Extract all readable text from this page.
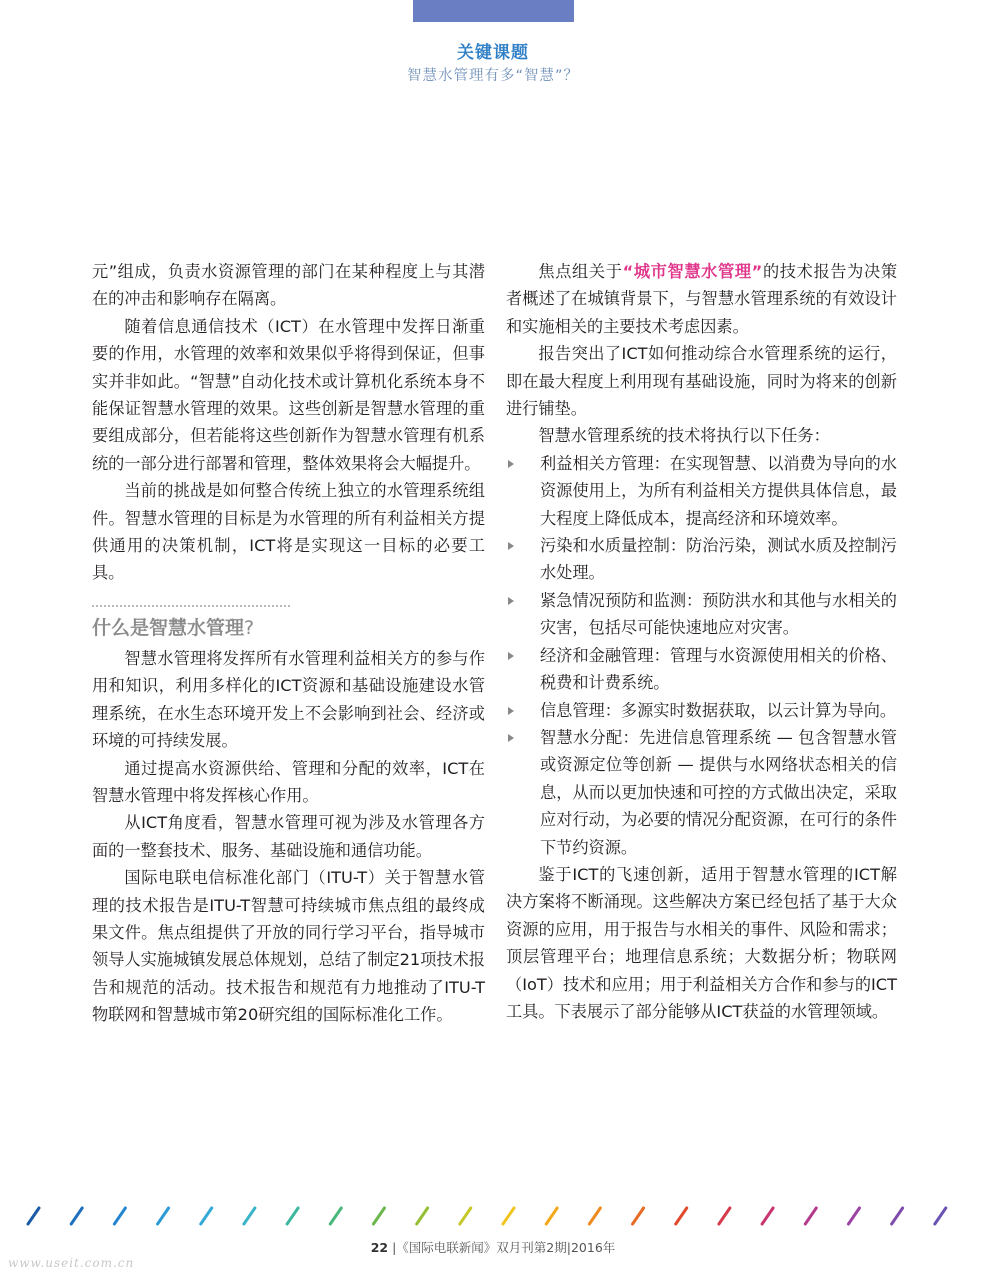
关键课题
智慧水管理有多“智慧”？

元”组成，负责水资源管理的部门在某种程度上与其潜在的冲击和影响存在隔离。

随着信息通信技术（ICT）在水管理中发挥日渐重要的作用，水管理的效率和效果似乎将得到保证，但事实并非如此。“智慧”自动化技术或计算机化系统本身不能保证智慧水管理的效果。这些创新是智慧水管理的重要组成部分，但若能将这些创新作为智慧水管理有机系统的一部分进行部署和管理，整体效果将会大幅提升。

当前的挑战是如何整合传统上独立的水管理系统组件。智慧水管理的目标是为水管理的所有利益相关方提供通用的决策机制，ICT将是实现这一目标的必要工具。

什么是智慧水管理?

智慧水管理将发挥所有水管理利益相关方的参与作用和知识，利用多样化的ICT资源和基础设施建设水管理系统，在水生态环境开发上不会影响到社会、经济或环境的可持续发展。

通过提高水资源供给、管理和分配的效率，ICT在智慧水管理中将发挥核心作用。

从ICT角度看，智慧水管理可视为涉及水管理各方面的一整套技术、服务、基础设施和通信功能。

国际电联电信标准化部门（ITU-T）关于智慧水管理的技术报告是ITU-T智慧可持续城市焦点组的最终成果文件。焦点组提供了开放的同行学习平台，指导城市领导人实施城镇发展总体规划，总结了制定21项技术报告和规范的活动。技术报告和规范有力地推动了ITU-T物联网和智慧城市第20研究组的国际标准化工作。

焦点组关于“城市智慧水管理”的技术报告为决策者概述了在城镇背景下，与智慧水管理系统的有效设计和实施相关的主要技术考虑因素。

报告突出了ICT如何推动综合水管理系统的运行，即在最大程度上利用现有基础设施，同时为将来的创新进行铺垫。

智慧水管理系统的技术将执行以下任务：

利益相关方管理：在实现智慧、以消费为导向的水资源使用上，为所有利益相关方提供具体信息，最大程度上降低成本，提高经济和环境效率。
污染和水质量控制：防治污染，测试水质及控制污水处理。
紧急情况预防和监测：预防洪水和其他与水相关的灾害，包括尽可能快速地应对灾害。
经济和金融管理：管理与水资源使用相关的价格、税费和计费系统。
信息管理：多源实时数据获取，以云计算为导向。
智慧水分配：先进信息管理系统 — 包含智慧水管或资源定位等创新 — 提供与水网络状态相关的信息，从而以更加快速和可控的方式做出决定，采取应对行动，为必要的情况分配资源，在可行的条件下节约资源。

鉴于ICT的飞速创新，适用于智慧水管理的ICT解决方案将不断涌现。这些解决方案已经包括了基于大众资源的应用，用于报告与水相关的事件、风险和需求；顶层管理平台；地理信息系统；大数据分析；物联网（IoT）技术和应用；用于利益相关方合作和参与的ICT工具。下表展示了部分能够从ICT获益的水管理领域。

22 |《国际电联新闻》双月刊第2期|2016年
www.useit.com.cn
